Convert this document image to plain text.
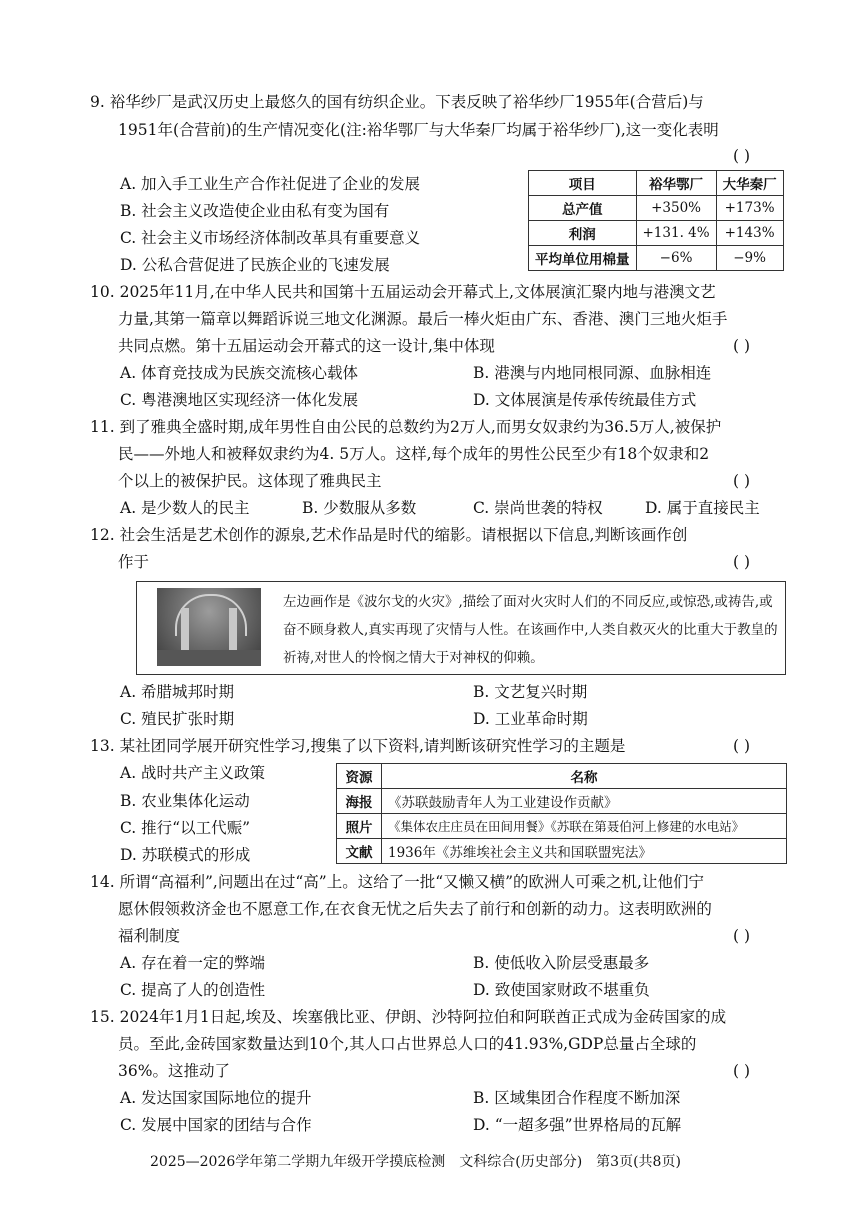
9. 裕华纱厂是武汉历史上最悠久的国有纺织企业。下表反映了裕华纱厂1955年(合营后)与
1951年(合营前)的生产情况变化(注:裕华鄂厂与大华秦厂均属于裕华纱厂),这一变化表明
( )
A. 加入手工业生产合作社促进了企业的发展
B. 社会主义改造使企业由私有变为国有
C. 社会主义市场经济体制改革具有重要意义
D. 公私合营促进了民族企业的飞速发展
项目	裕华鄂厂	大华秦厂
总产值	+350%	+173%
利润	+131. 4%	+143%
平均单位用棉量	−6%	−9%
10. 2025年11月,在中华人民共和国第十五届运动会开幕式上,文体展演汇聚内地与港澳文艺
力量,其第一篇章以舞蹈诉说三地文化渊源。最后一棒火炬由广东、香港、澳门三地火炬手
共同点燃。第十五届运动会开幕式的这一设计,集中体现	( )
A. 体育竞技成为民族交流核心载体	B. 港澳与内地同根同源、血脉相连
C. 粤港澳地区实现经济一体化发展	D. 文体展演是传承传统最佳方式
11. 到了雅典全盛时期,成年男性自由公民的总数约为2万人,而男女奴隶约为36.5万人,被保护
民——外地人和被释奴隶约为4. 5万人。这样,每个成年的男性公民至少有18个奴隶和2
个以上的被保护民。这体现了雅典民主	( )
A. 是少数人的民主	B. 少数服从多数	C. 崇尚世袭的特权	D. 属于直接民主
12. 社会生活是艺术创作的源泉,艺术作品是时代的缩影。请根据以下信息,判断该画作创
作于	( )
左边画作是《波尔戈的火灾》,描绘了面对火灾时人们的不同反应,或惊恐,或祷告,或奋不顾身救人,真实再现了灾情与人性。在该画作中,人类自救灭火的比重大于教皇的祈祷,对世人的怜悯之情大于对神权的仰赖。
A. 希腊城邦时期	B. 文艺复兴时期
C. 殖民扩张时期	D. 工业革命时期
13. 某社团同学展开研究性学习,搜集了以下资料,请判断该研究性学习的主题是	( )
A. 战时共产主义政策
B. 农业集体化运动
C. 推行“以工代赈”
D. 苏联模式的形成
资源	名称
海报	《苏联鼓励青年人为工业建设作贡献》
照片	《集体农庄庄员在田间用餐》《苏联在第聂伯河上修建的水电站》
文献	1936年《苏维埃社会主义共和国联盟宪法》
14. 所谓“高福利”,问题出在过“高”上。这给了一批“又懒又横”的欧洲人可乘之机,让他们宁
愿休假领救济金也不愿意工作,在衣食无忧之后失去了前行和创新的动力。这表明欧洲的
福利制度	( )
A. 存在着一定的弊端	B. 使低收入阶层受惠最多
C. 提高了人的创造性	D. 致使国家财政不堪重负
15. 2024年1月1日起,埃及、埃塞俄比亚、伊朗、沙特阿拉伯和阿联酋正式成为金砖国家的成
员。至此,金砖国家数量达到10个,其人口占世界总人口的41.93%,GDP总量占全球的
36%。这推动了	( )
A. 发达国家国际地位的提升	B. 区域集团合作程度不断加深
C. 发展中国家的团结与合作	D. “一超多强”世界格局的瓦解
2025—2026学年第二学期九年级开学摸底检测　文科综合(历史部分)　第3页(共8页)
